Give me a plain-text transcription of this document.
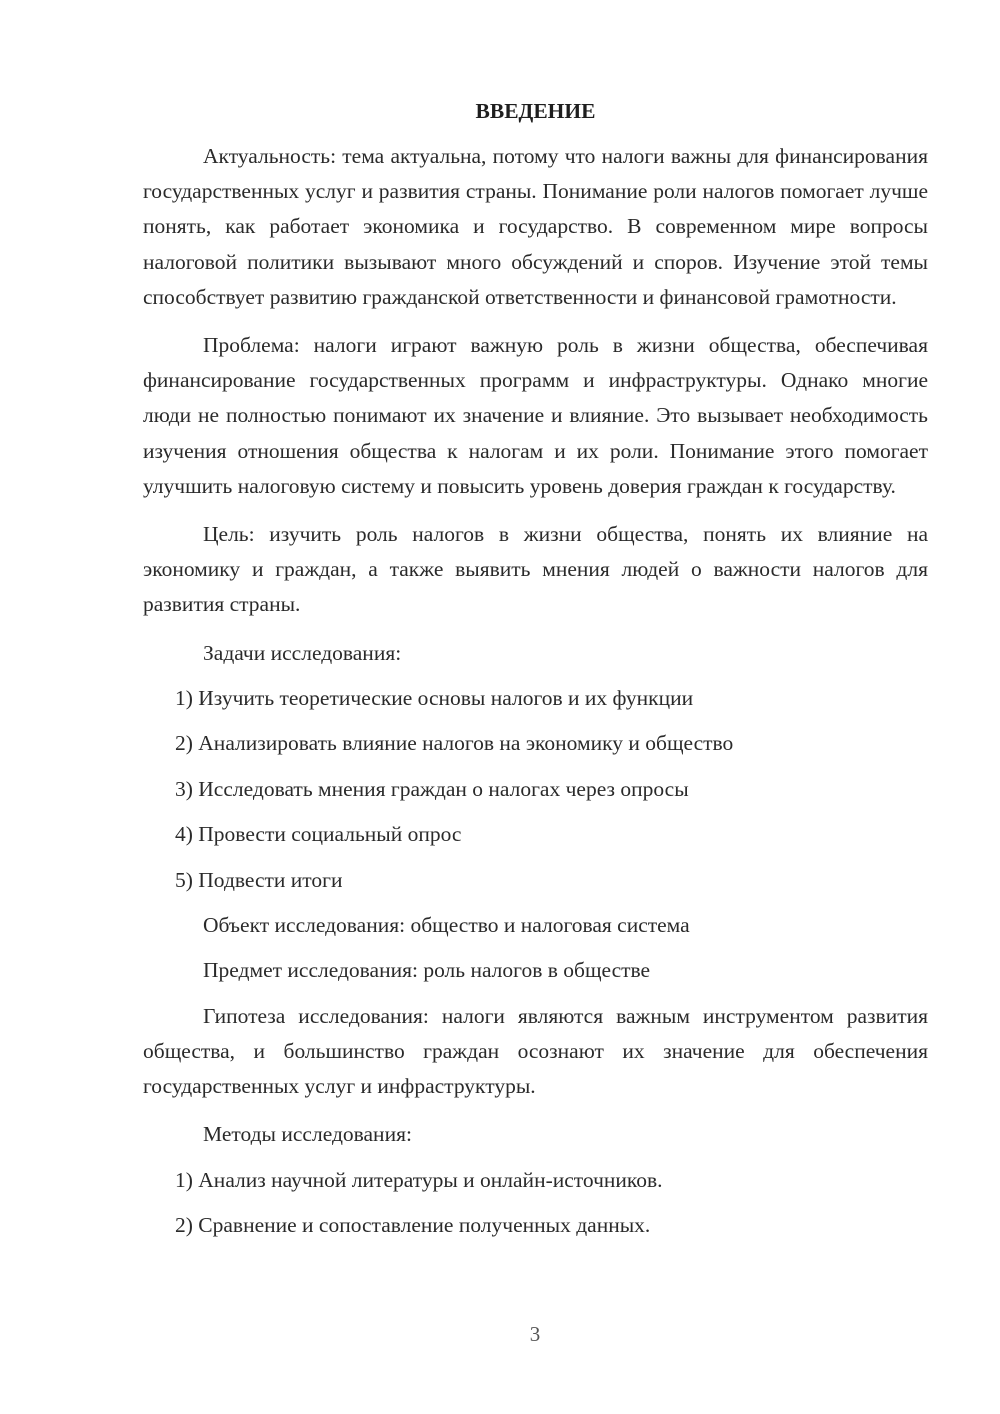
ВВЕДЕНИЕ

Актуальность: тема актуальна, потому что налоги важны для финансирования государственных услуг и развития страны. Понимание роли налогов помогает лучше понять, как работает экономика и государство. В современном мире вопросы налоговой политики вызывают много обсуждений и споров. Изучение этой темы способствует развитию гражданской ответственности и финансовой грамотности.

Проблема: налоги играют важную роль в жизни общества, обеспечивая финансирование государственных программ и инфраструктуры. Однако многие люди не полностью понимают их значение и влияние. Это вызывает необходимость изучения отношения общества к налогам и их роли. Понимание этого помогает улучшить налоговую систему и повысить уровень доверия граждан к государству.

Цель: изучить роль налогов в жизни общества, понять их влияние на экономику и граждан, а также выявить мнения людей о важности налогов для развития страны.

Задачи исследования:
1) Изучить теоретические основы налогов и их функции
2) Анализировать влияние налогов на экономику и общество
3) Исследовать мнения граждан о налогах через опросы
4) Провести социальный опрос
5) Подвести итоги
Объект исследования: общество и налоговая система
Предмет исследования: роль налогов в обществе

Гипотеза исследования: налоги являются важным инструментом развития общества, и большинство граждан осознают их значение для обеспечения государственных услуг и инфраструктуры.

Методы исследования:
1) Анализ научной литературы и онлайн-источников.
2) Сравнение и сопоставление полученных данных.
3
